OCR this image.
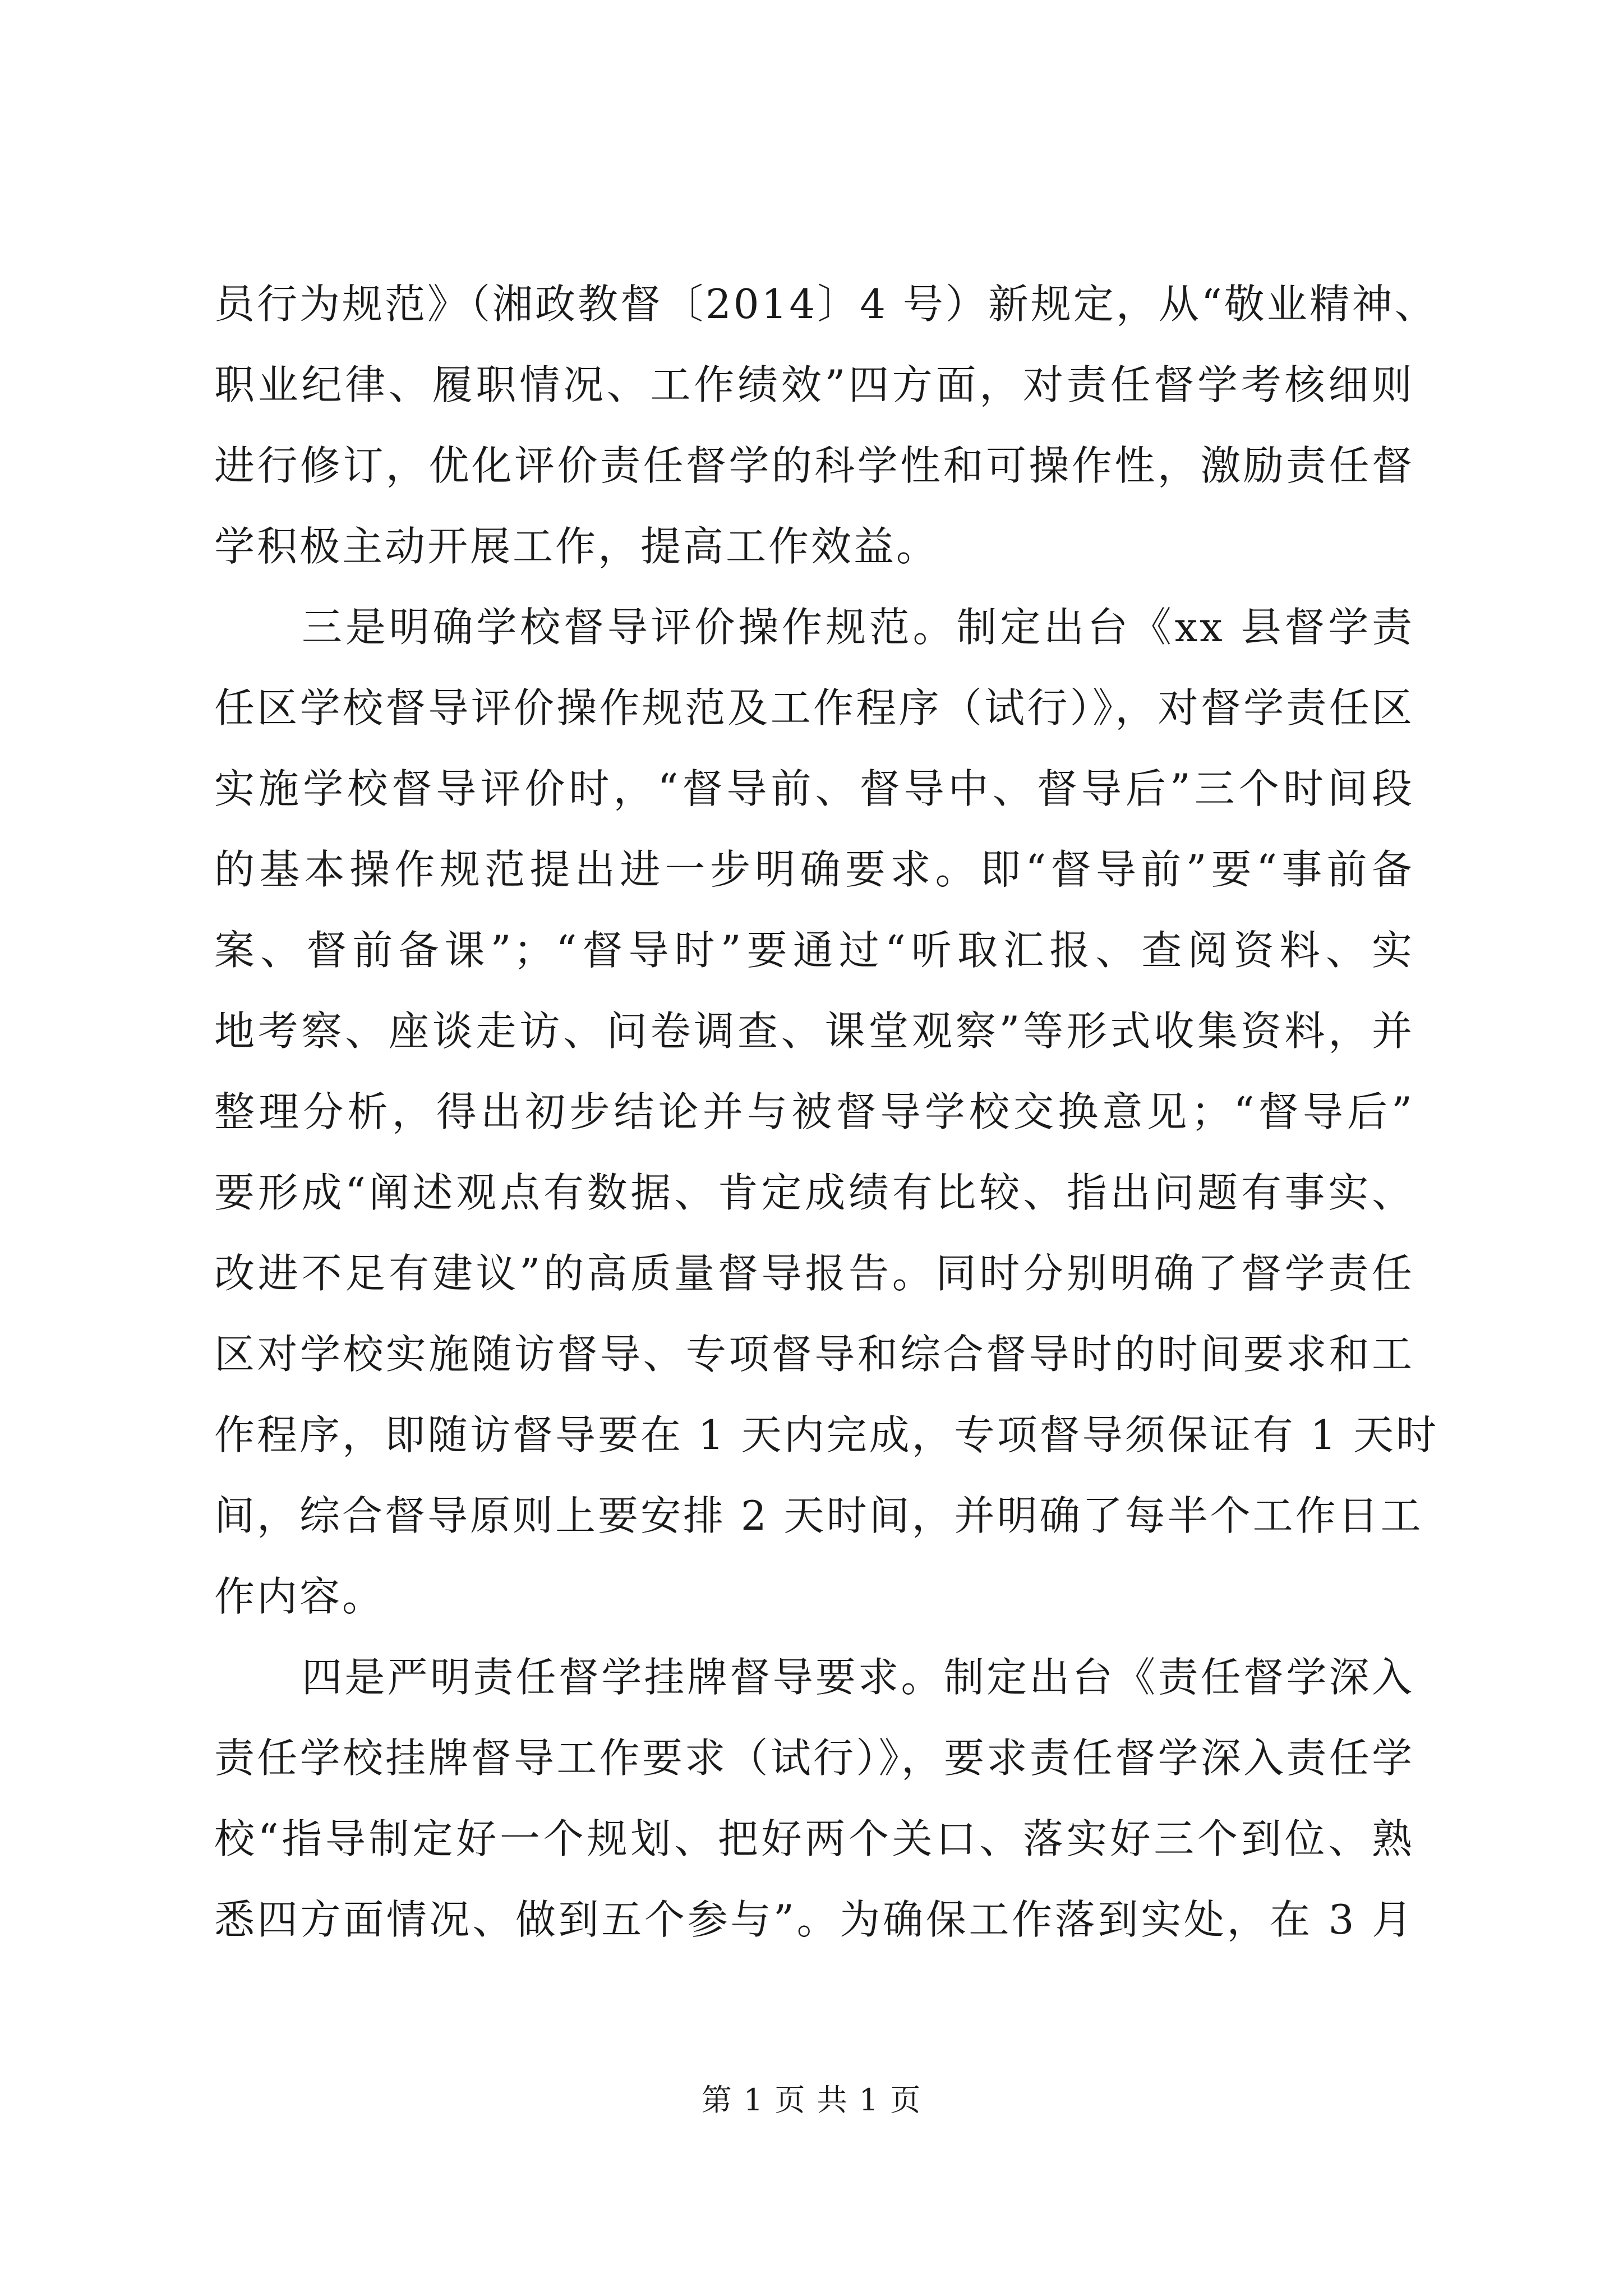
员行为规范》（湘政教督〔2014〕4 号）新规定，从“敬业精神、
职业纪律、履职情况、工作绩效”四方面，对责任督学考核细则
进行修订，优化评价责任督学的科学性和可操作性，激励责任督
学积极主动开展工作，提高工作效益。
三是明确学校督导评价操作规范。制定出台《xx 县督学责
任区学校督导评价操作规范及工作程序（试行）》，对督学责任区
实施学校督导评价时，“督导前、督导中、督导后”三个时间段
的基本操作规范提出进一步明确要求。即“督导前”要“事前备
案、督前备课”；“督导时”要通过“听取汇报、查阅资料、实
地考察、座谈走访、问卷调查、课堂观察”等形式收集资料，并
整理分析，得出初步结论并与被督导学校交换意见；“督导后”
要形成“阐述观点有数据、肯定成绩有比较、指出问题有事实、
改进不足有建议”的高质量督导报告。同时分别明确了督学责任
区对学校实施随访督导、专项督导和综合督导时的时间要求和工
作程序，即随访督导要在 1 天内完成，专项督导须保证有 1 天时
间，综合督导原则上要安排 2 天时间，并明确了每半个工作日工
作内容。
四是严明责任督学挂牌督导要求。制定出台《责任督学深入
责任学校挂牌督导工作要求（试行）》，要求责任督学深入责任学
校“指导制定好一个规划、把好两个关口、落实好三个到位、熟
悉四方面情况、做到五个参与”。为确保工作落到实处，在 3 月
第 1 页 共 1 页
